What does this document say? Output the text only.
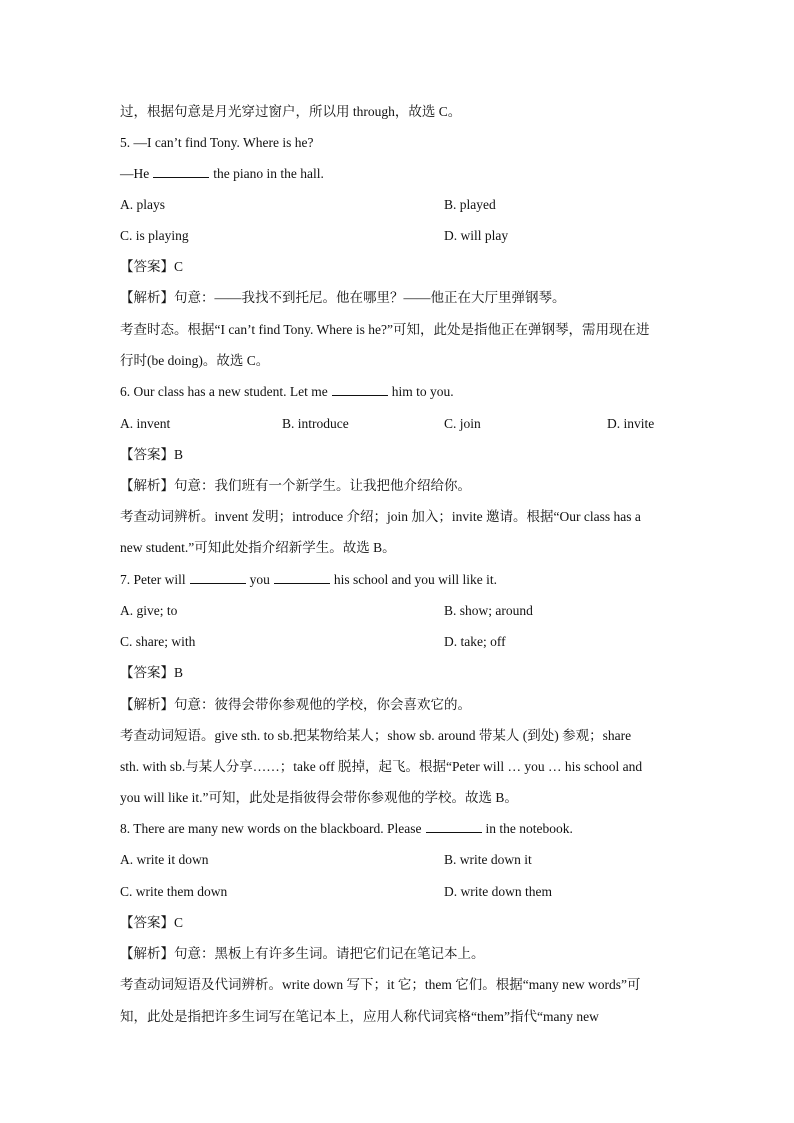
过，根据句意是月光穿过窗户，所以用 through，故选 C。
5. —I can’t find Tony. Where is he?
—He	the piano in the hall.
A. plays	B. played
C. is playing	D. will play
【答案】C
【解析】句意：——我找不到托尼。他在哪里？——他正在大厅里弹钢琴。
考查时态。根据“I can’t find Tony. Where is he?”可知，此处是指他正在弹钢琴，需用现在进
行时(be doing)。故选 C。
6. Our class has a new student. Let me	him to you.
A. invent	B. introduce	C. join	D. invite
【答案】B
【解析】句意：我们班有一个新学生。让我把他介绍给你。
考查动词辨析。invent 发明；introduce 介绍；join 加入；invite 邀请。根据“Our class has a
new student.”可知此处指介绍新学生。故选 B。
7. Peter will	you	his school and you will like it.
A. give; to	B. show; around
C. share; with	D. take; off
【答案】B
【解析】句意：彼得会带你参观他的学校，你会喜欢它的。
考查动词短语。give sth. to sb.把某物给某人；show sb. around 带某人 (到处) 参观；share
sth. with sb.与某人分享……；take off 脱掉，起飞。根据“Peter will … you … his school and
you will like it.”可知，此处是指彼得会带你参观他的学校。故选 B。
8. There are many new words on the blackboard. Please	in the notebook.
A. write it down	B. write down it
C. write them down	D. write down them
【答案】C
【解析】句意：黑板上有许多生词。请把它们记在笔记本上。
考查动词短语及代词辨析。write down 写下；it 它；them 它们。根据“many new words”可
知，此处是指把许多生词写在笔记本上，应用人称代词宾格“them”指代“many new
